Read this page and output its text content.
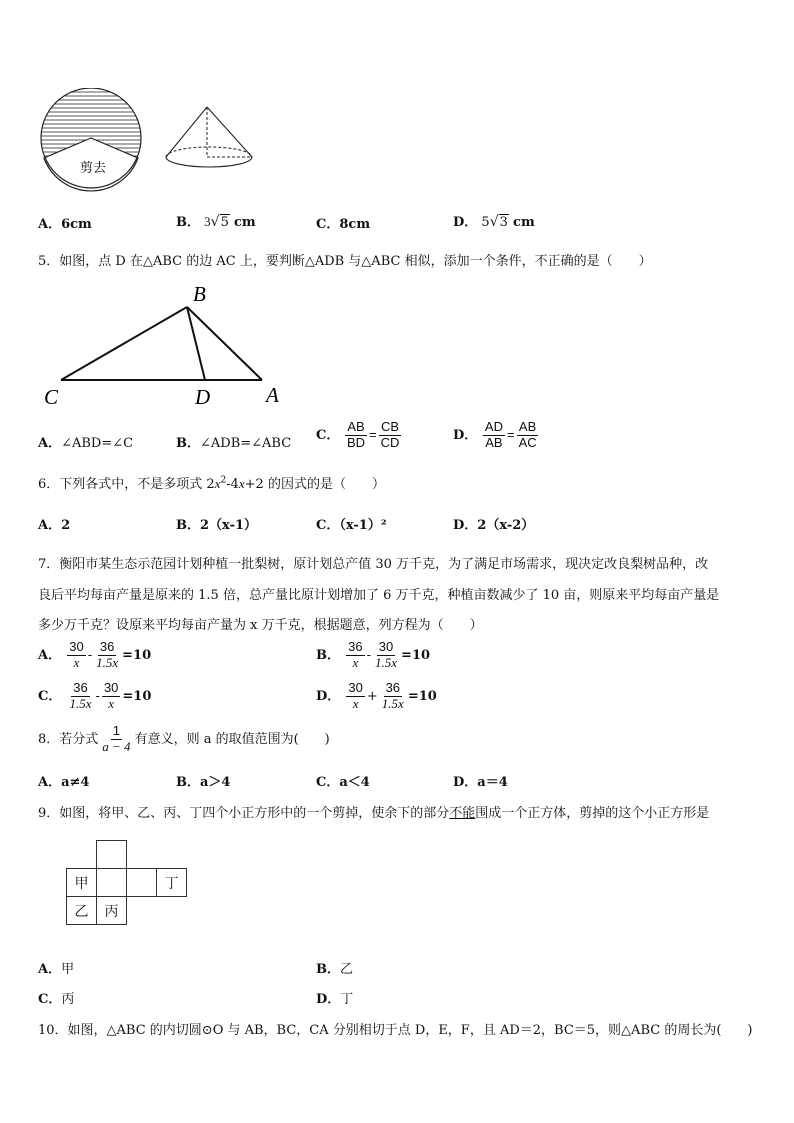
剪去
A．6cm	B． 3√5 cm	C．8cm	D． 5√3 cm
5．如图，点 D 在△ABC 的边 AC 上，要判断△ADB 与△ABC 相似，添加一个条件，不正确的是（　　）
B
C	D	A
A．∠ABD=∠C	B．∠ADB=∠ABC
C． $\frac{AB}{BD} = \frac{CB}{CD}$	D． $\frac{AD}{AB} = \frac{AB}{AC}$
6．下列各式中，不是多项式 $2x^2-4x+2$ 的因式的是（　　）
A．2	B．2（x-1）	C．（x-1）²	D．2（x-2）
7．衡阳市某生态示范园计划种植一批梨树，原计划总产值 30 万千克，为了满足市场需求，现决定改良梨树品种，改
良后平均每亩产量是原来的 1.5 倍，总产量比原计划增加了 6 万千克，种植亩数减少了 10 亩，则原来平均每亩产量是
多少万千克？设原来平均每亩产量为 x 万千克，根据题意，列方程为（　　）
A． $\frac{30}{x} - \frac{36}{1.5x} =10$	B． $\frac{36}{x} - \frac{30}{1.5x} =10$
C． $\frac{36}{1.5x} - \frac{30}{x} =10$	D． $\frac{30}{x} + \frac{36}{1.5x} =10$
8．若分式 $\frac{1}{a - 4}$ 有意义，则 a 的取值范围为(　　)
A．a≠4	B．a＞4	C．a＜4	D．a＝4
9．如图，将甲、乙、丙、丁四个小正方形中的一个剪掉，使余下的部分不能围成一个正方体，剪掉的这个小正方形是

甲			丁
乙	丙		
A．甲	B．乙
C．丙	D．丁
10．如图，△ABC 的内切圆⊙O 与 AB，BC，CA 分别相切于点 D，E，F，且 AD＝2，BC＝5，则△ABC 的周长为(　　)
